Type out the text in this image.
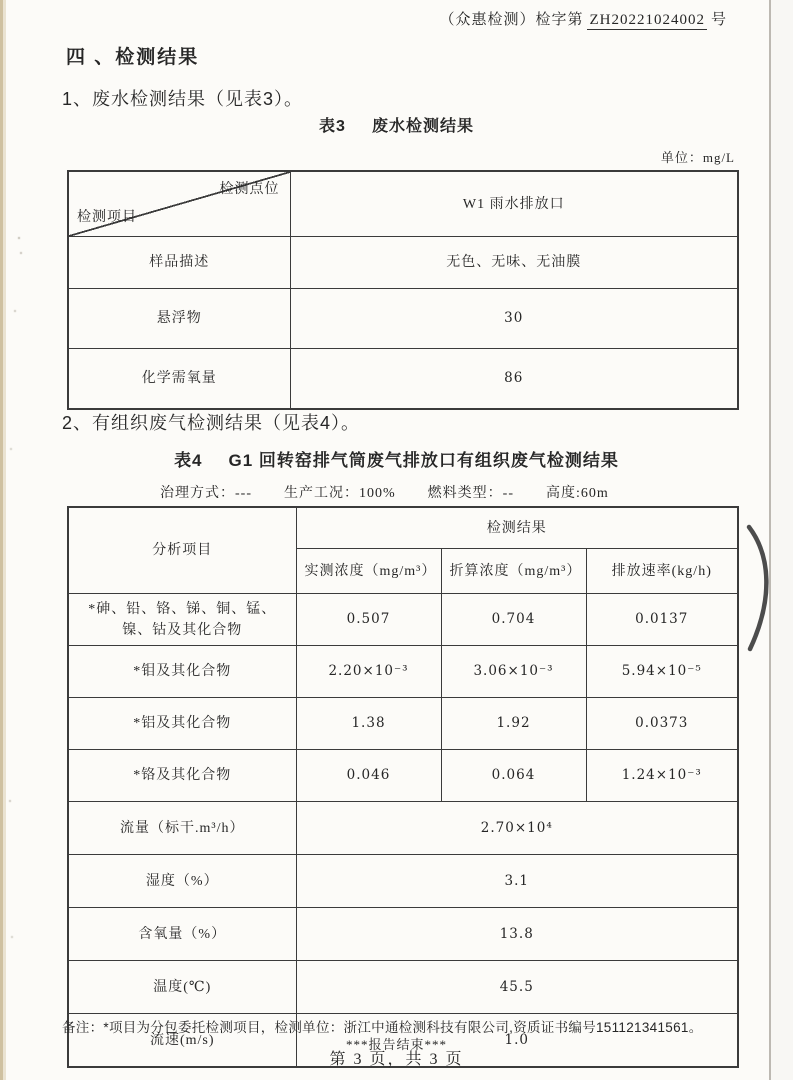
（众惠检测）检字第 ZH20221024002 号
四 、检测结果
1、废水检测结果（见表3）。
表3 废水检测结果
单位：mg/L
检测点位
检测项目	W1 雨水排放口
样品描述	无色、无味、无油膜
悬浮物	30
化学需氧量	86
2、有组织废气检测结果（见表4）。
表4 G1 回转窑排气筒废气排放口有组织废气检测结果
治理方式：--- 生产工况：100% 燃料类型：-- 高度:60m
分析项目	检测结果		
	实测浓度（mg/m³）	折算浓度（mg/m³）	排放速率(kg/h)
*砷、铅、铬、锑、铜、锰、镍、钴及其化合物	0.507	0.704	0.0137
*钼及其化合物	2.20×10⁻³	3.06×10⁻³	5.94×10⁻⁵
*铝及其化合物	1.38	1.92	0.0373
*铬及其化合物	0.046	0.064	1.24×10⁻³
流量（标干.m³/h）	2.70×10⁴		
湿度（%）	3.1		
含氧量（%）	13.8		
温度(℃)	45.5		
流速(m/s)	1.0		
备注：*项目为分包委托检测项目，检测单位：浙江中通检测科技有限公司,资质证书编号151121341561。
***报告结束***
第 3 页，共 3 页
